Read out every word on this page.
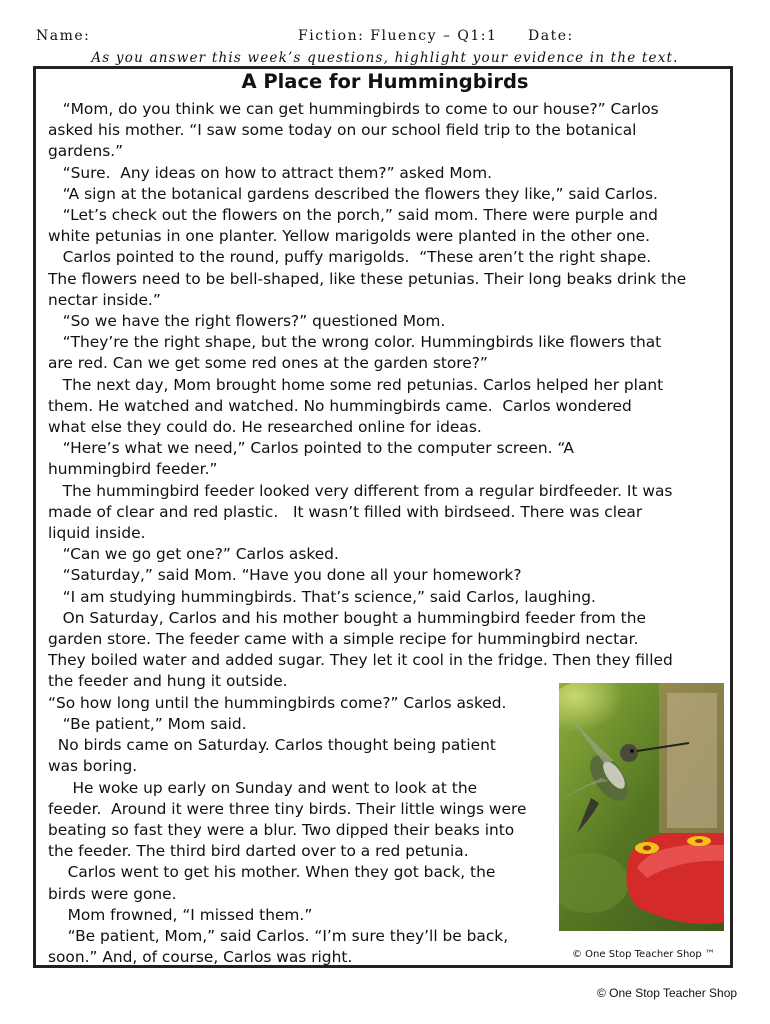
Name:	Fiction: Fluency – Q1:1 Date:
As you answer this week’s questions, highlight your evidence in the text.
A Place for Hummingbirds

“Mom, do you think we can get hummingbirds to come to our house?” Carlos

asked his mother. “I saw some today on our school field trip to the botanical

gardens.”

“Sure.  Any ideas on how to attract them?” asked Mom.

“A sign at the botanical gardens described the flowers they like,” said Carlos.

“Let’s check out the flowers on the porch,” said mom. There were purple and

white petunias in one planter. Yellow marigolds were planted in the other one.

Carlos pointed to the round, puffy marigolds.  “These aren’t the right shape.

The flowers need to be bell-shaped, like these petunias. Their long beaks drink the

nectar inside.”

“So we have the right flowers?” questioned Mom.

“They’re the right shape, but the wrong color. Hummingbirds like flowers that

are red. Can we get some red ones at the garden store?”

The next day, Mom brought home some red petunias. Carlos helped her plant

them. He watched and watched. No hummingbirds came.  Carlos wondered

what else they could do. He researched online for ideas.

“Here’s what we need,” Carlos pointed to the computer screen. “A

hummingbird feeder.”

The hummingbird feeder looked very different from a regular birdfeeder. It was

made of clear and red plastic.   It wasn’t filled with birdseed. There was clear

liquid inside.

“Can we go get one?” Carlos asked.

“Saturday,” said Mom. “Have you done all your homework?

“I am studying hummingbirds. That’s science,” said Carlos, laughing.

On Saturday, Carlos and his mother bought a hummingbird feeder from the

garden store. The feeder came with a simple recipe for hummingbird nectar.

They boiled water and added sugar. They let it cool in the fridge. Then they filled

the feeder and hung it outside.

“So how long until the hummingbirds come?” Carlos asked.

“Be patient,” Mom said.

No birds came on Saturday. Carlos thought being patient

was boring.

He woke up early on Sunday and went to look at the

feeder.  Around it were three tiny birds. Their little wings were

beating so fast they were a blur. Two dipped their beaks into

the feeder. The third bird darted over to a red petunia.

Carlos went to get his mother. When they got back, the

birds were gone.

Mom frowned, “I missed them.”

“Be patient, Mom,” said Carlos. “I’m sure they’ll be back,

soon.” And, of course, Carlos was right.	© One Stop Teacher Shop ™
© One Stop Teacher Shop
